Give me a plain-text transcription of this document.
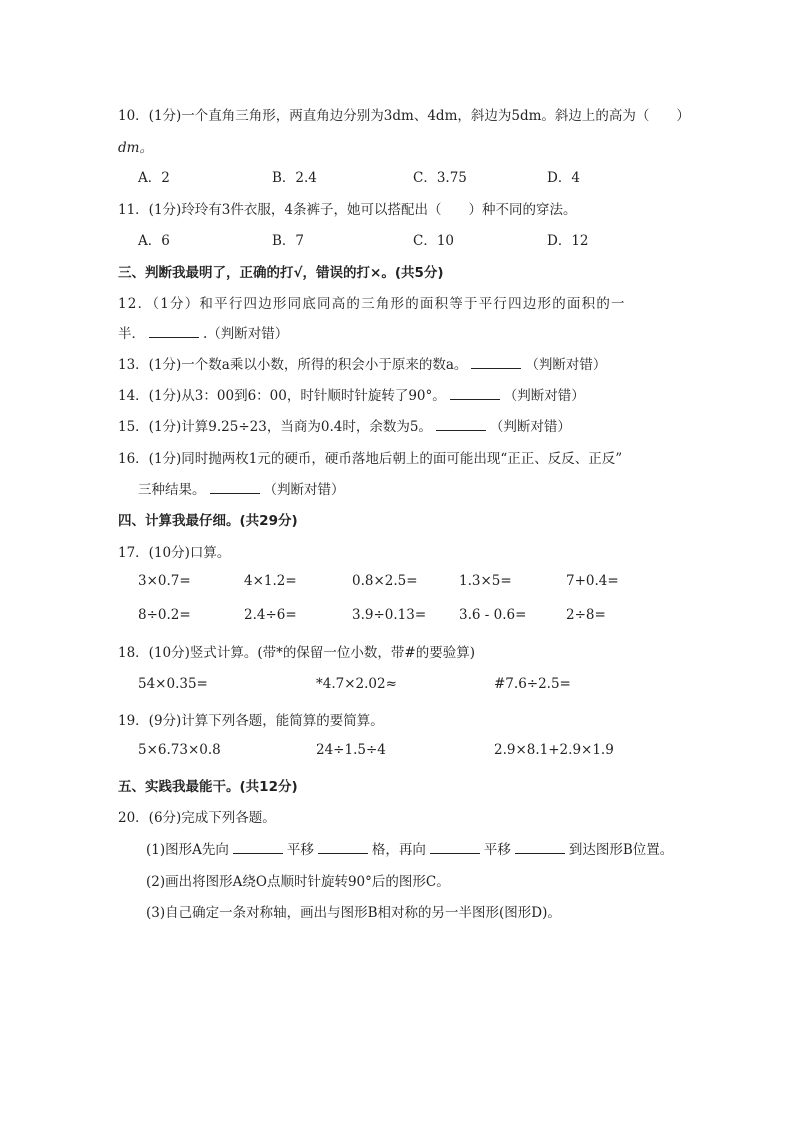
10．(1分)一个直角三角形，两直角边分别为3dm、4dm，斜边为5dm。斜边上的高为（　　）
dm。
A．2	B．2.4	C．3.75	D．4
11．(1分)玲玲有3件衣服，4条裤子，她可以搭配出（　　）种不同的穿法。
A．6	B．7	C．10	D．12
三、判断我最明了，正确的打√，错误的打×。(共5分)
12．（1分）和平行四边形同底同高的三角形的面积等于平行四边形的面积的一
半．	.（判断对错）
13．(1分)一个数a乘以小数，所得的积会小于原来的数a。	（判断对错）
14．(1分)从3：00到6：00，时针顺时针旋转了90°。	（判断对错）
15．(1分)计算9.25÷23，当商为0.4时，余数为5。	（判断对错）
16．(1分)同时抛两枚1元的硬币，硬币落地后朝上的面可能出现“正正、反反、正反”
三种结果。	（判断对错）
四、计算我最仔细。(共29分)
17．(10分)口算。
3×0.7=	4×1.2=	0.8×2.5=	1.3×5=	7+0.4=
8÷0.2=	2.4÷6=	3.9÷0.13= 3.6 - 0.6=	2÷8=
18．(10分)竖式计算。(带*的保留一位小数，带#的要验算)
54×0.35=	*4.7×2.02≈	#7.6÷2.5=
19．(9分)计算下列各题，能简算的要简算。
5×6.73×0.8	24÷1.5÷4	2.9×8.1+2.9×1.9
五、实践我最能干。(共12分)
20．(6分)完成下列各题。
(1)图形A先向	平移	格，再向	平移	到达图形B位置。
(2)画出将图形A绕O点顺时针旋转90°后的图形C。
(3)自己确定一条对称轴，画出与图形B相对称的另一半图形(图形D)。
